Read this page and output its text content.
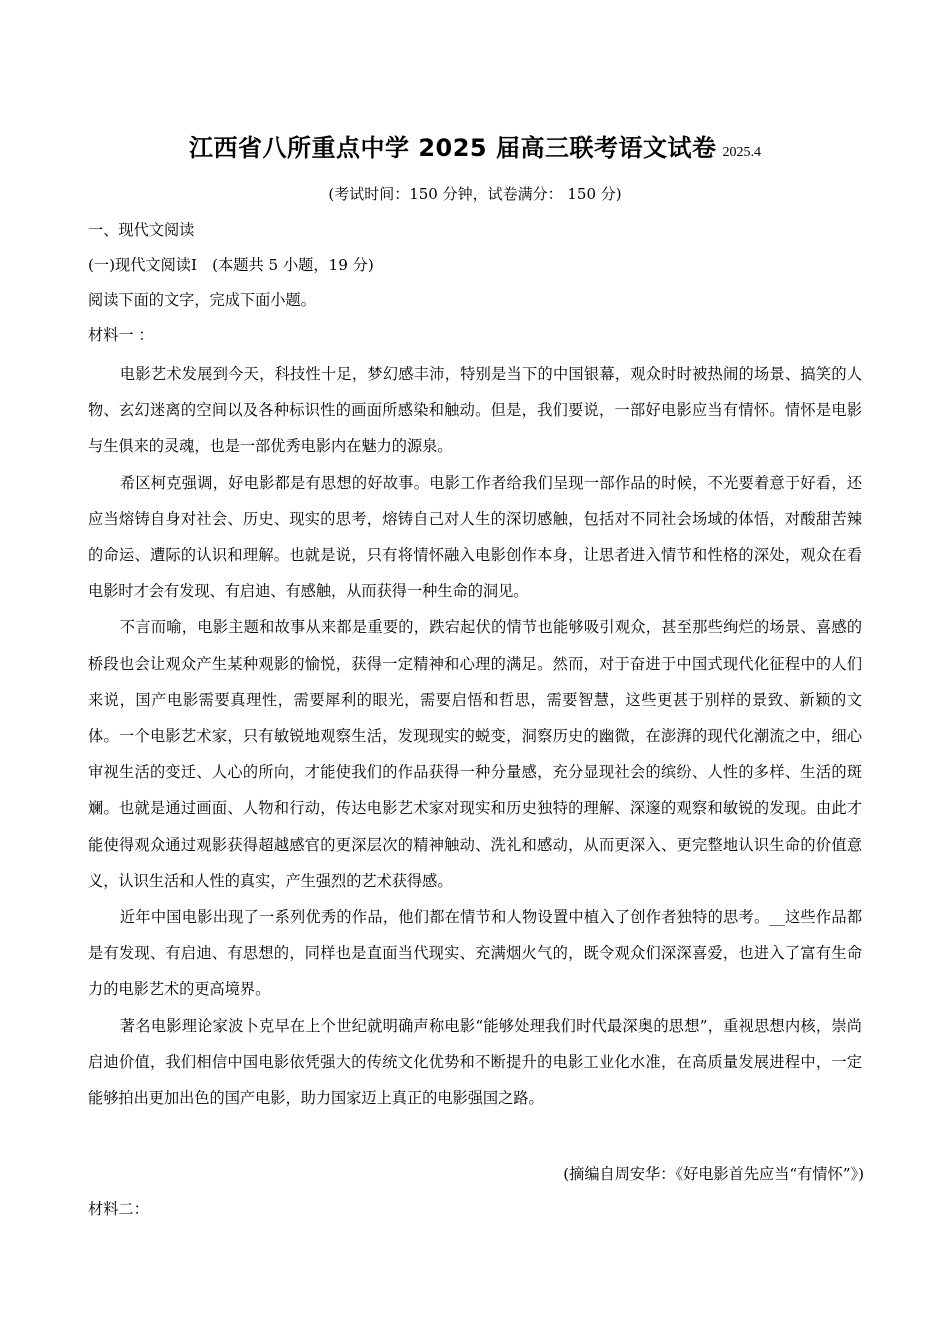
江西省八所重点中学 2025 届高三联考语文试卷 2025.4
(考试时间：150 分钟，试卷满分： 150 分)
一、现代文阅读
(一)现代文阅读Ⅰ　(本题共 5 小题，19 分)
阅读下面的文字，完成下面小题。
材料一 ：

电影艺术发展到今天，科技性十足，梦幻感丰沛，特别是当下的中国银幕，观众时时被热闹的场景、搞笑的人物、玄幻迷离的空间以及各种标识性的画面所感染和触动。但是，我们要说，一部好电影应当有情怀。情怀是电影与生俱来的灵魂，也是一部优秀电影内在魅力的源泉。

希区柯克强调，好电影都是有思想的好故事。电影工作者给我们呈现一部作品的时候，不光要着意于好看，还应当熔铸自身对社会、历史、现实的思考，熔铸自己对人生的深切感触，包括对不同社会场域的体悟，对酸甜苦辣的命运、遭际的认识和理解。也就是说，只有将情怀融入电影创作本身，让思者进入情节和性格的深处，观众在看电影时才会有发现、有启迪、有感触，从而获得一种生命的洞见。

不言而喻，电影主题和故事从来都是重要的，跌宕起伏的情节也能够吸引观众，甚至那些绚烂的场景、喜感的桥段也会让观众产生某种观影的愉悦，获得一定精神和心理的满足。然而，对于奋进于中国式现代化征程中的人们来说，国产电影需要真理性，需要犀利的眼光，需要启悟和哲思，需要智慧，这些更甚于别样的景致、新颖的文体。一个电影艺术家，只有敏锐地观察生活，发现现实的蜕变，洞察历史的幽微，在澎湃的现代化潮流之中，细心审视生活的变迁、人心的所向，才能使我们的作品获得一种分量感，充分显现社会的缤纷、人性的多样、生活的斑斓。也就是通过画面、人物和行动，传达电影艺术家对现实和历史独特的理解、深邃的观察和敏锐的发现。由此才能使得观众通过观影获得超越感官的更深层次的精神触动、洗礼和感动，从而更深入、更完整地认识生命的价值意义，认识生活和人性的真实，产生强烈的艺术获得感。

近年中国电影出现了一系列优秀的作品，他们都在情节和人物设置中植入了创作者独特的思考。__这些作品都是有发现、有启迪、有思想的，同样也是直面当代现实、充满烟火气的，既令观众们深深喜爱，也进入了富有生命力的电影艺术的更高境界。

著名电影理论家波卜克早在上个世纪就明确声称电影“能够处理我们时代最深奥的思想”，重视思想内核，崇尚启迪价值，我们相信中国电影依凭强大的传统文化优势和不断提升的电影工业化水准，在高质量发展进程中，一定能够拍出更加出色的国产电影，助力国家迈上真正的电影强国之路。

(摘编自周安华：《好电影首先应当“有情怀”》)
材料二：
